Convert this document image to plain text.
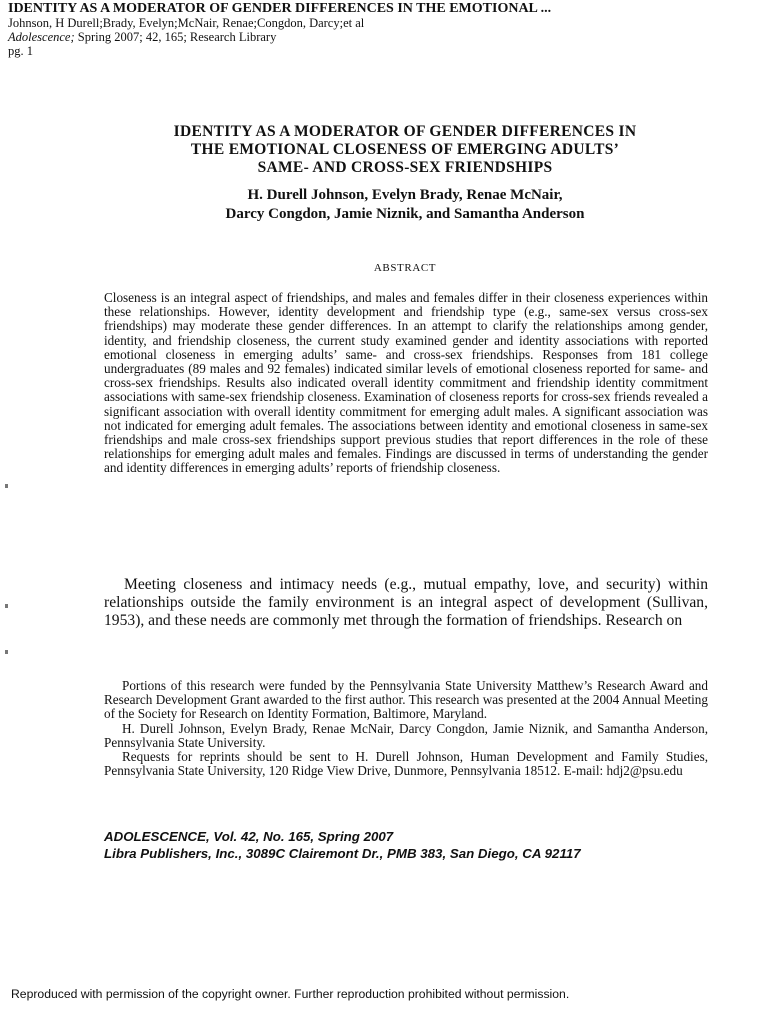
IDENTITY AS A MODERATOR OF GENDER DIFFERENCES IN THE EMOTIONAL ...
Johnson, H Durell;Brady, Evelyn;McNair, Renae;Congdon, Darcy;et al
Adolescence; Spring 2007; 42, 165; Research Library
pg. 1
IDENTITY AS A MODERATOR OF GENDER DIFFERENCES IN
THE EMOTIONAL CLOSENESS OF EMERGING ADULTS’
SAME- AND CROSS-SEX FRIENDSHIPS
H. Durell Johnson, Evelyn Brady, Renae McNair,
Darcy Congdon, Jamie Niznik, and Samantha Anderson
ABSTRACT

Closeness is an integral aspect of friendships, and males and females differ in their closeness experiences within these relationships. However, identity development and friendship type (e.g., same-sex versus cross-sex friendships) may moderate these gender differences. In an attempt to clarify the relationships among gender, identity, and friendship closeness, the current study examined gender and identity associations with reported emotional closeness in emerging adults’ same- and cross-sex friendships. Responses from 181 college undergraduates (89 males and 92 females) indicated similar levels of emotional closeness reported for same- and cross-sex friendships. Results also indicated overall identity commitment and friendship identity commitment associations with same-sex friendship closeness. Examination of closeness reports for cross-sex friends revealed a significant association with overall identity commitment for emerging adult males. A significant association was not indicated for emerging adult females. The associations between identity and emotional closeness in same-sex friendships and male cross-sex friendships support previous studies that report differences in the role of these relationships for emerging adult males and females. Findings are discussed in terms of understanding the gender and identity differences in emerging adults’ reports of friendship closeness.

Meeting closeness and intimacy needs (e.g., mutual empathy, love, and security) within relationships outside the family environment is an integral aspect of development (Sullivan, 1953), and these needs are commonly met through the formation of friendships. Research on

Portions of this research were funded by the Pennsylvania State University Matthew’s Research Award and Research Development Grant awarded to the first author. This research was presented at the 2004 Annual Meeting of the Society for Research on Identity Formation, Baltimore, Maryland.

H. Durell Johnson, Evelyn Brady, Renae McNair, Darcy Congdon, Jamie Niznik, and Samantha Anderson, Pennsylvania State University.

Requests for reprints should be sent to H. Durell Johnson, Human Development and Family Studies, Pennsylvania State University, 120 Ridge View Drive, Dunmore, Pennsylvania 18512. E-mail: hdj2@psu.edu

ADOLESCENCE, Vol. 42, No. 165, Spring 2007
Libra Publishers, Inc., 3089C Clairemont Dr., PMB 383, San Diego, CA 92117
Reproduced with permission of the copyright owner. Further reproduction prohibited without permission.
